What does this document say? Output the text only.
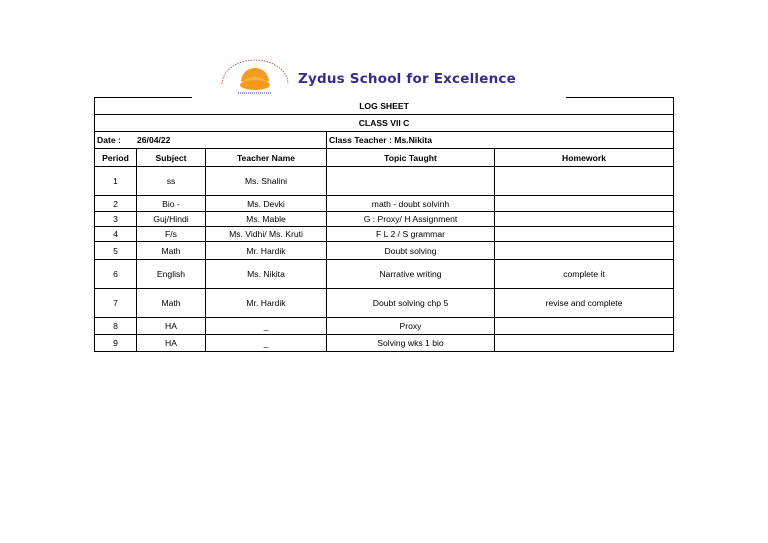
Zydus School for Excellence
LOG SHEET				
CLASS VII C				
Date : 26/04/22			Class Teacher : Ms.Nikita	
Period	Subject	Teacher Name	Topic Taught	Homework
1	ss	Ms. Shalini		
2	Bio -	Ms. Devki	math - doubt solvinh	
3	Guj/Hindi	Ms. Mable	G : Proxy/ H Assignment	
4	F/s	Ms. Vidhi/ Ms. Kruti	F L 2 / S grammar	
5	Math	Mr. Hardik	Doubt solving	
6	English	Ms. Nikita	Narrative writing	complete it
7	Math	Mr. Hardik	Doubt solving chp 5	revise and complete
8	HA	_	Proxy	
9	HA	_	Solving wks 1 bio	
